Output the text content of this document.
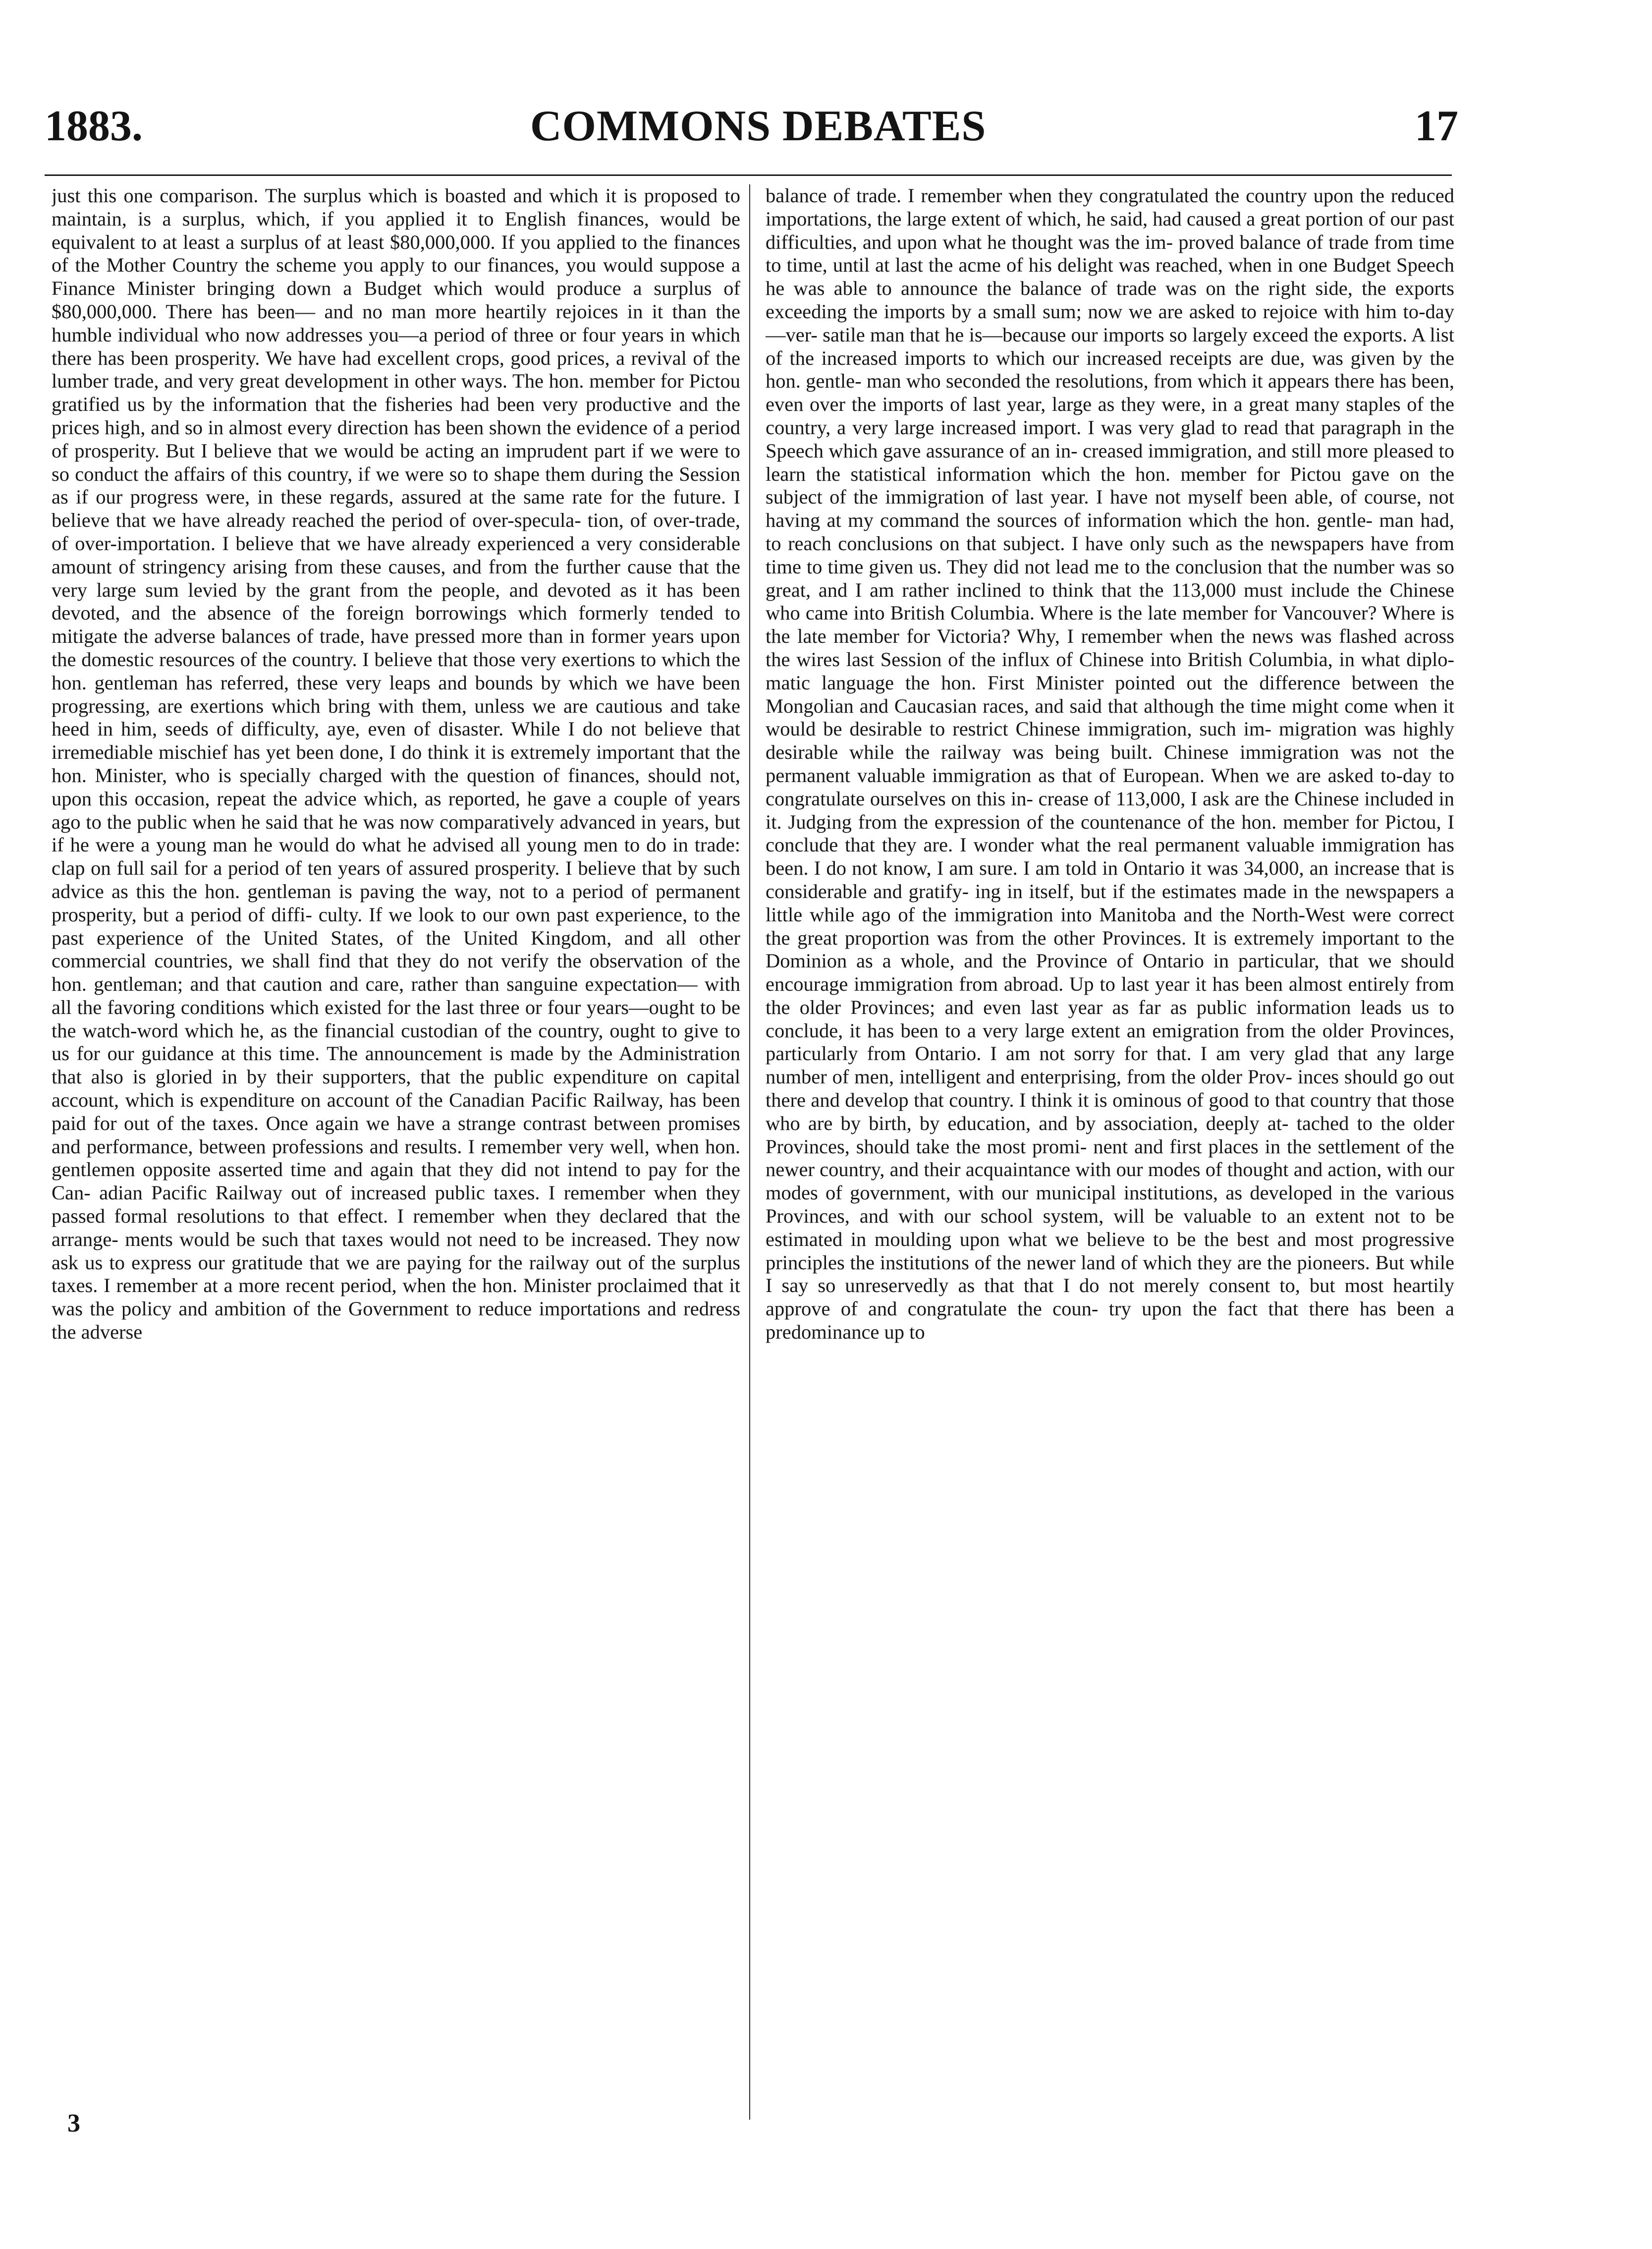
1883.	COMMONS DEBATES	17

just this one comparison. The surplus which is boasted and which it is proposed to maintain, is a surplus, which, if you applied it to English finances, would be equivalent to at least a surplus of at least $80,000,000. If you applied to the finances of the Mother Country the scheme you apply to our finances, you would suppose a Finance Minister bringing down a Budget which would produce a surplus of $80,000,000. There has been— and no man more heartily rejoices in it than the humble individual who now addresses you—a period of three or four years in which there has been prosperity. We have had excellent crops, good prices, a revival of the lumber trade, and very great development in other ways. The hon. member for Pictou gratified us by the information that the fisheries had been very productive and the prices high, and so in almost every direction has been shown the evidence of a period of prosperity. But I believe that we would be acting an imprudent part if we were to so conduct the affairs of this country, if we were so to shape them during the Session as if our progress were, in these regards, assured at the same rate for the future. I believe that we have already reached the period of over-specula- tion, of over-trade, of over-importation. I believe that we have already experienced a very considerable amount of stringency arising from these causes, and from the further cause that the very large sum levied by the grant from the people, and devoted as it has been devoted, and the absence of the foreign borrowings which formerly tended to mitigate the adverse balances of trade, have pressed more than in former years upon the domestic resources of the country. I believe that those very exertions to which the hon. gentleman has referred, these very leaps and bounds by which we have been progressing, are exertions which bring with them, unless we are cautious and take heed in him, seeds of difficulty, aye, even of disaster. While I do not believe that irremediable mischief has yet been done, I do think it is extremely important that the hon. Minister, who is specially charged with the question of finances, should not, upon this occasion, repeat the advice which, as reported, he gave a couple of years ago to the public when he said that he was now comparatively advanced in years, but if he were a young man he would do what he advised all young men to do in trade: clap on full sail for a period of ten years of assured prosperity. I believe that by such advice as this the hon. gentleman is paving the way, not to a period of permanent prosperity, but a period of diffi- culty. If we look to our own past experience, to the past experience of the United States, of the United Kingdom, and all other commercial countries, we shall find that they do not verify the observation of the hon. gentleman; and that caution and care, rather than sanguine expectation— with all the favoring conditions which existed for the last three or four years—ought to be the watch-word which he, as the financial custodian of the country, ought to give to us for our guidance at this time. The announcement is made by the Administration that also is gloried in by their supporters, that the public expenditure on capital account, which is expenditure on account of the Canadian Pacific Railway, has been paid for out of the taxes. Once again we have a strange contrast between promises and performance, between professions and results. I remember very well, when hon. gentlemen opposite asserted time and again that they did not intend to pay for the Can- adian Pacific Railway out of increased public taxes. I remember when they passed formal resolutions to that effect. I remember when they declared that the arrange- ments would be such that taxes would not need to be increased. They now ask us to express our gratitude that we are paying for the railway out of the surplus taxes. I remember at a more recent period, when the hon. Minister proclaimed that it was the policy and ambition of the Government to reduce importations and redress the adverse

balance of trade. I remember when they congratulated the country upon the reduced importations, the large extent of which, he said, had caused a great portion of our past difficulties, and upon what he thought was the im- proved balance of trade from time to time, until at last the acme of his delight was reached, when in one Budget Speech he was able to announce the balance of trade was on the right side, the exports exceeding the imports by a small sum; now we are asked to rejoice with him to-day—ver- satile man that he is—because our imports so largely exceed the exports. A list of the increased imports to which our increased receipts are due, was given by the hon. gentle- man who seconded the resolutions, from which it appears there has been, even over the imports of last year, large as they were, in a great many staples of the country, a very large increased import. I was very glad to read that paragraph in the Speech which gave assurance of an in- creased immigration, and still more pleased to learn the statistical information which the hon. member for Pictou gave on the subject of the immigration of last year. I have not myself been able, of course, not having at my command the sources of information which the hon. gentle- man had, to reach conclusions on that subject. I have only such as the newspapers have from time to time given us. They did not lead me to the conclusion that the number was so great, and I am rather inclined to think that the 113,000 must include the Chinese who came into British Columbia. Where is the late member for Vancouver? Where is the late member for Victoria? Why, I remember when the news was flashed across the wires last Session of the influx of Chinese into British Columbia, in what diplo- matic language the hon. First Minister pointed out the difference between the Mongolian and Caucasian races, and said that although the time might come when it would be desirable to restrict Chinese immigration, such im- migration was highly desirable while the railway was being built. Chinese immigration was not the permanent valuable immigration as that of European. When we are asked to-day to congratulate ourselves on this in- crease of 113,000, I ask are the Chinese included in it. Judging from the expression of the countenance of the hon. member for Pictou, I conclude that they are. I wonder what the real permanent valuable immigration has been. I do not know, I am sure. I am told in Ontario it was 34,000, an increase that is considerable and gratify- ing in itself, but if the estimates made in the newspapers a little while ago of the immigration into Manitoba and the North-West were correct the great proportion was from the other Provinces. It is extremely important to the Dominion as a whole, and the Province of Ontario in particular, that we should encourage immigration from abroad. Up to last year it has been almost entirely from the older Provinces; and even last year as far as public information leads us to conclude, it has been to a very large extent an emigration from the older Provinces, particularly from Ontario. I am not sorry for that. I am very glad that any large number of men, intelligent and enterprising, from the older Prov- inces should go out there and develop that country. I think it is ominous of good to that country that those who are by birth, by education, and by association, deeply at- tached to the older Provinces, should take the most promi- nent and first places in the settlement of the newer country, and their acquaintance with our modes of thought and action, with our modes of government, with our municipal institutions, as developed in the various Provinces, and with our school system, will be valuable to an extent not to be estimated in moulding upon what we believe to be the best and most progressive principles the institutions of the newer land of which they are the pioneers. But while I say so unreservedly as that that I do not merely consent to, but most heartily approve of and congratulate the coun- try upon the fact that there has been a predominance up to

3
